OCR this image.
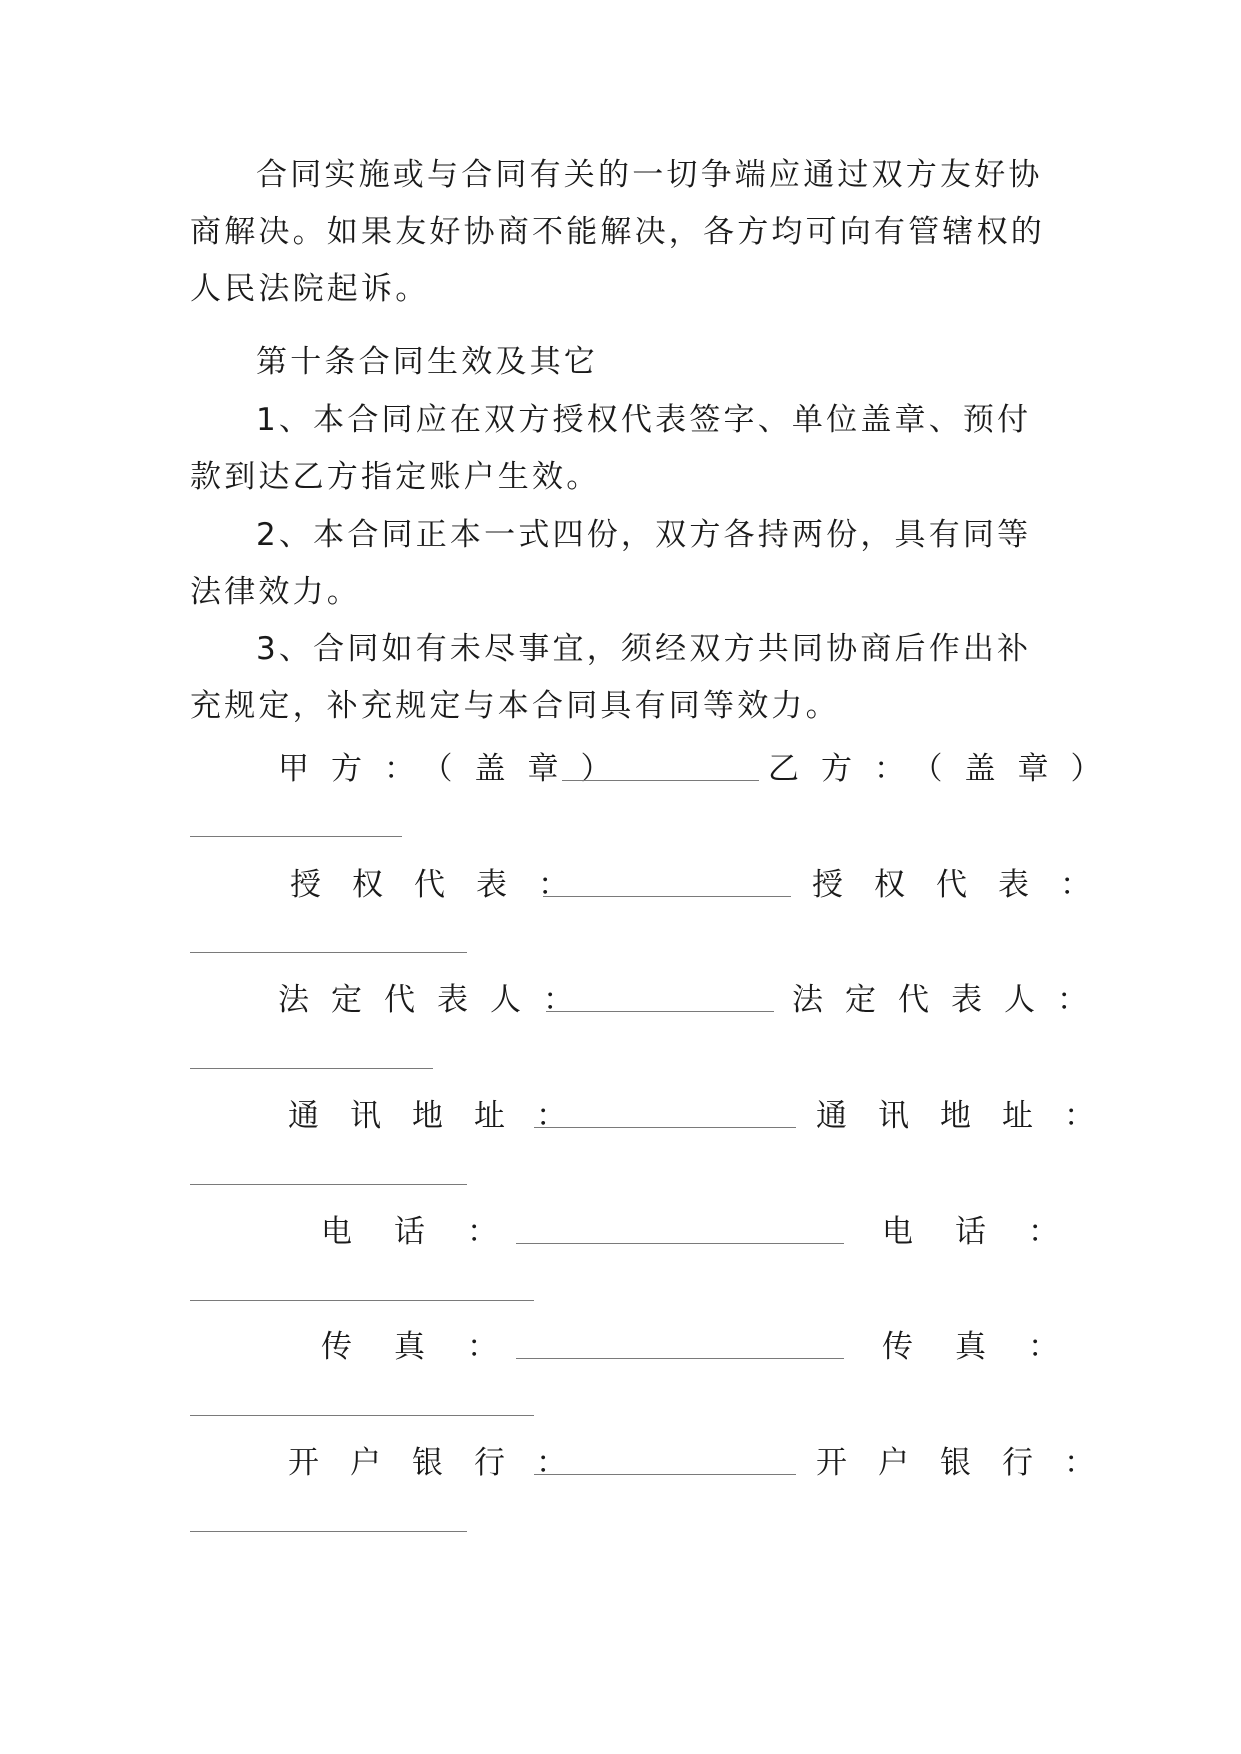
合同实施或与合同有关的一切争端应通过双方友好协商解决。如果友好协商不能解决，各方均可向有管辖权的人民法院起诉。

第十条合同生效及其它

1、本合同应在双方授权代表签字、单位盖章、预付款到达乙方指定账户生效。

2、本合同正本一式四份，双方各持两份，具有同等法律效力。

3、合同如有未尽事宜，须经双方共同协商后作出补充规定，补充规定与本合同具有同等效力。

甲方：（盖章）	乙方：（盖章）
授权代表：	授权代表：
法定代表人：	法定代表人：
通讯地址：	通讯地址：
电话：	电话：
传真：	传真：
开户银行：	开户银行：
